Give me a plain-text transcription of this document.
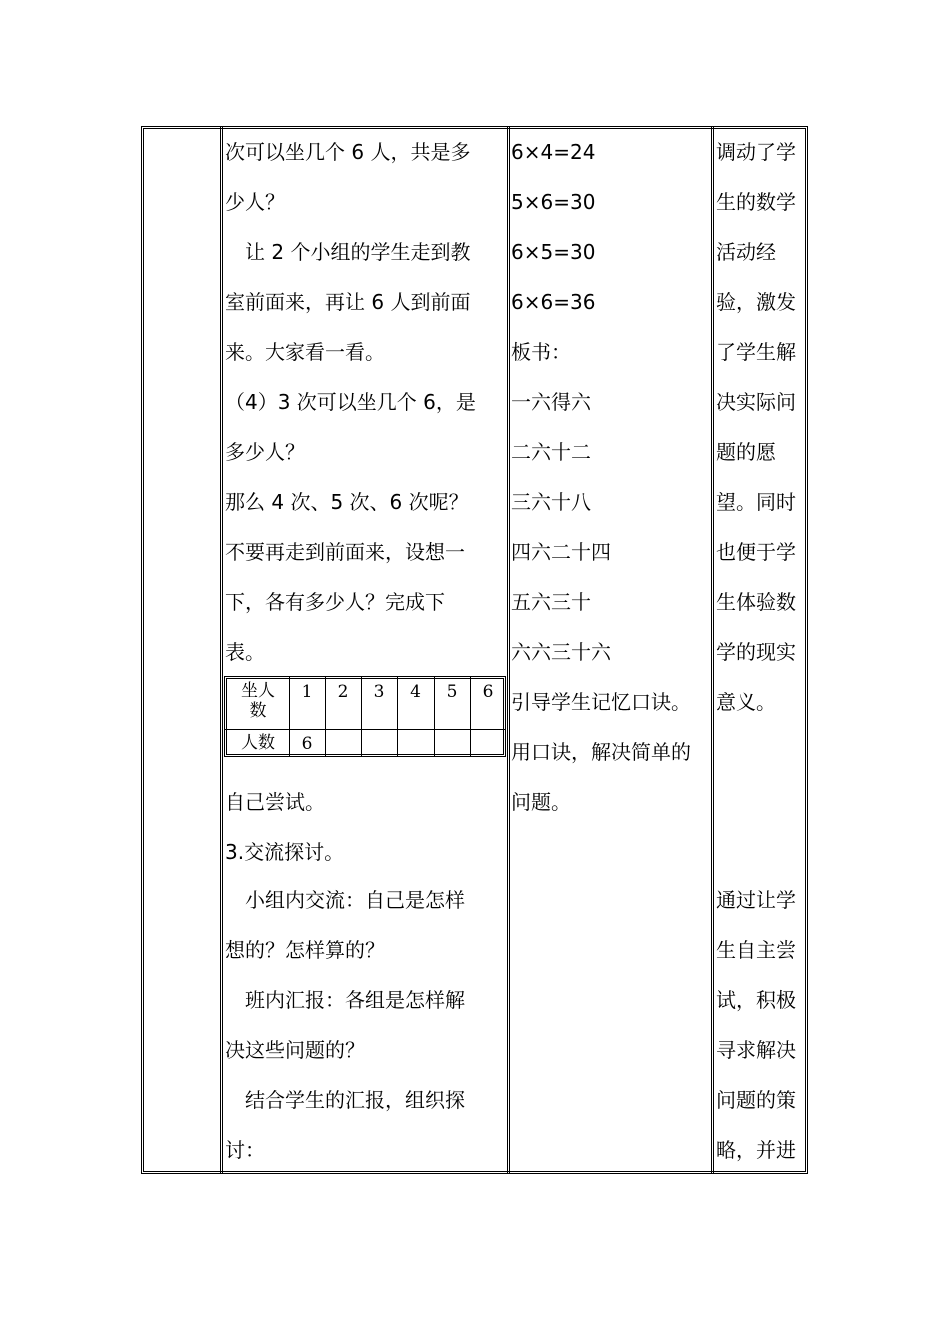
次可以坐几个 6 人，共是多
少人？
　让 2 个小组的学生走到教
室前面来，再让 6 人到前面
来。大家看一看。
（4）3 次可以坐几个 6，是
多少人？
那么 4 次、5 次、6 次呢？
不要再走到前面来，设想一
下，各有多少人？完成下
表。
坐人
数
1	2	3	4	5	6
人数	6
自己尝试。
3.交流探讨。
　小组内交流：自己是怎样
想的？怎样算的？
　班内汇报：各组是怎样解
决这些问题的？
　结合学生的汇报，组织探
讨：
6×4=24
5×6=30
6×5=30
6×6=36
板书：
一六得六
二六十二
三六十八
四六二十四
五六三十
六六三十六
引导学生记忆口诀。
用口诀，解决简单的
问题。
调动了学
生的数学
活动经
验，激发
了学生解
决实际问
题的愿
望。同时
也便于学
生体验数
学的现实
意义。
通过让学
生自主尝
试，积极
寻求解决
问题的策
略，并进
